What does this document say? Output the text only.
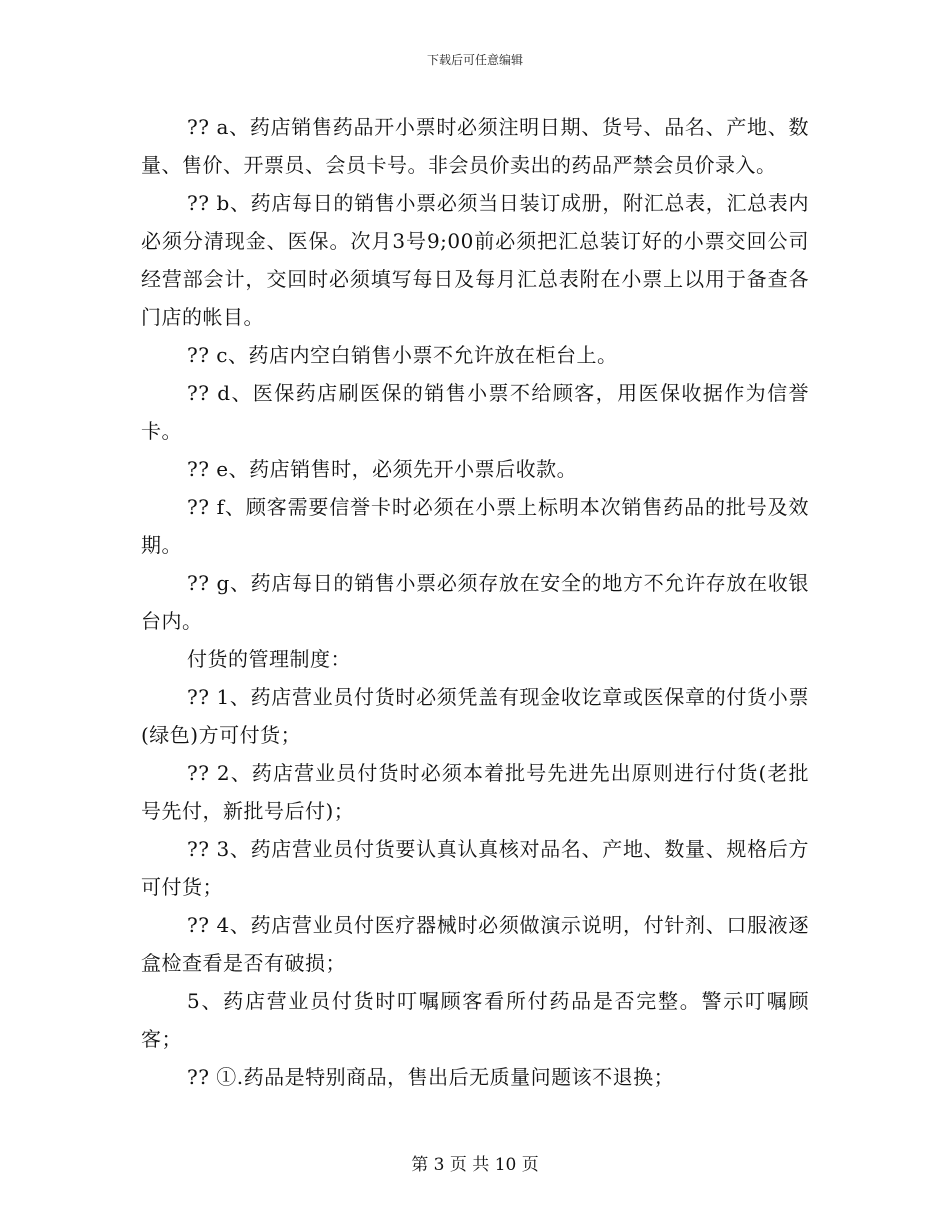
下载后可任意编辑

?? a、药店销售药品开小票时必须注明日期、货号、品名、产地、数量、售价、开票员、会员卡号。非会员价卖出的药品严禁会员价录入。

?? b、药店每日的销售小票必须当日装订成册，附汇总表，汇总表内必须分清现金、医保。次月3号9;00前必须把汇总装订好的小票交回公司经营部会计，交回时必须填写每日及每月汇总表附在小票上以用于备查各门店的帐目。

?? c、药店内空白销售小票不允许放在柜台上。

?? d、医保药店刷医保的销售小票不给顾客，用医保收据作为信誉卡。

?? e、药店销售时，必须先开小票后收款。

?? f、顾客需要信誉卡时必须在小票上标明本次销售药品的批号及效期。

?? g、药店每日的销售小票必须存放在安全的地方不允许存放在收银台内。

付货的管理制度：

?? 1、药店营业员付货时必须凭盖有现金收讫章或医保章的付货小票(绿色)方可付货；

?? 2、药店营业员付货时必须本着批号先进先出原则进行付货(老批号先付，新批号后付)；

?? 3、药店营业员付货要认真认真核对品名、产地、数量、规格后方可付货；

?? 4、药店营业员付医疗器械时必须做演示说明，付针剂、口服液逐盒检查看是否有破损；

5、药店营业员付货时叮嘱顾客看所付药品是否完整。警示叮嘱顾客；

?? ①.药品是特别商品，售出后无质量问题该不退换；

第 3 页 共 10 页
